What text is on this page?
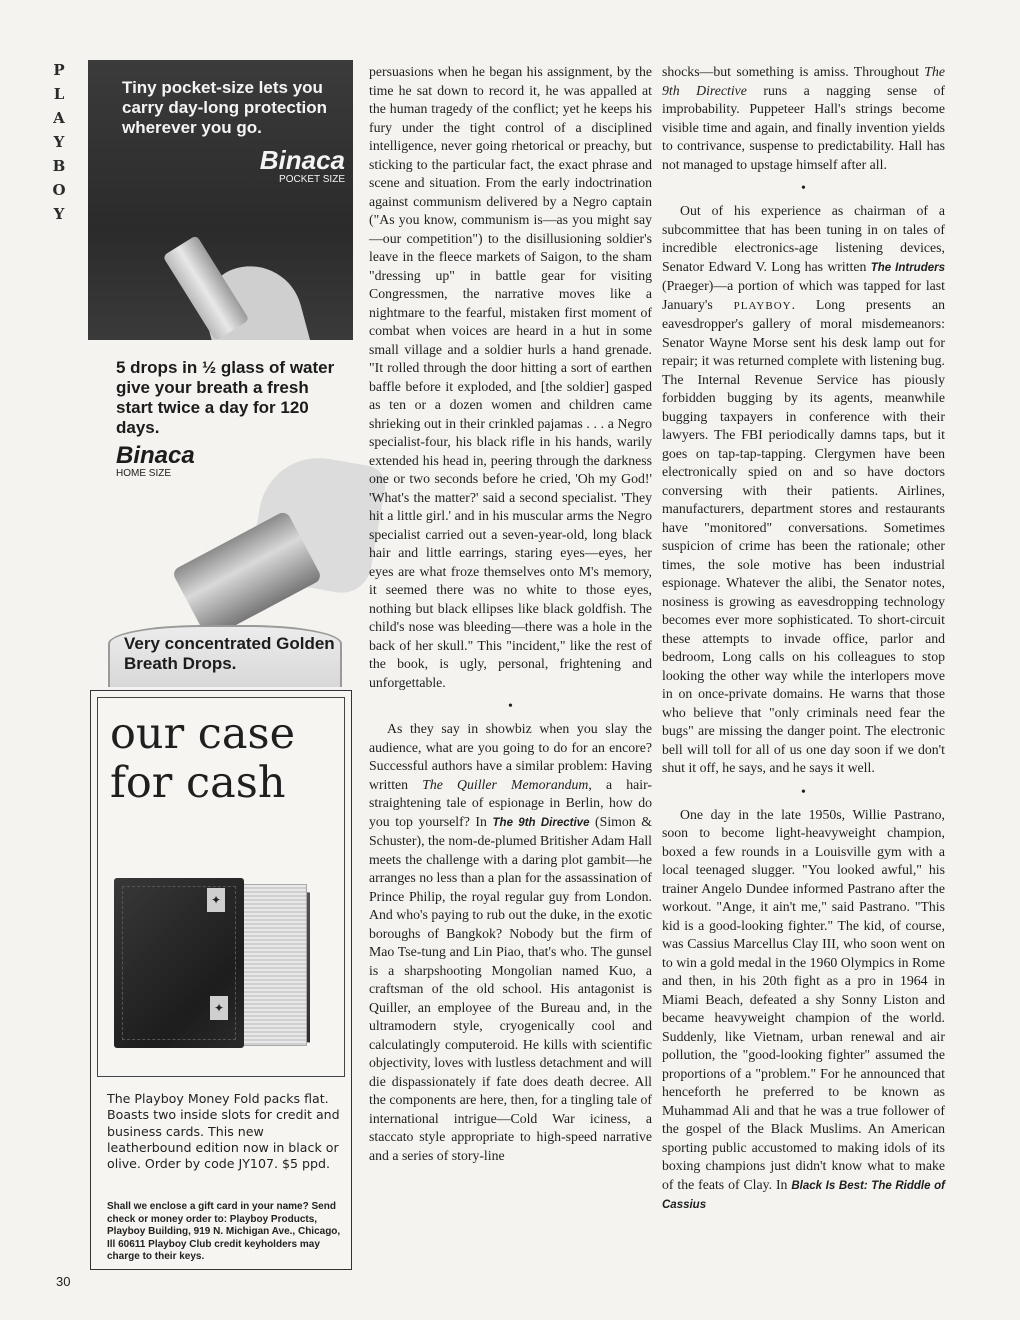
P
L
A
Y
B
O
Y
Tiny pocket-size lets you carry day-long protection wherever you go.
Binaca
POCKET SIZE
5 drops in ½ glass of water give your breath a fresh start twice a day for 120 days.
Binaca
HOME SIZE
Very concentrated Golden Breath Drops.
our case for cash
✦
✦
The Playboy Money Fold packs flat. Boasts two inside slots for credit and business cards. This new leatherbound edition now in black or olive. Order by code JY107. $5 ppd.
Shall we enclose a gift card in your name? Send check or money order to: Playboy Products, Playboy Building, 919 N. Michigan Ave., Chicago, Ill 60611 Playboy Club credit keyholders may charge to their keys.

persuasions when he began his assignment, by the time he sat down to record it, he was appalled at the human tragedy of the conflict; yet he keeps his fury under the tight control of a disciplined intelligence, never going rhetorical or preachy, but sticking to the particular fact, the exact phrase and scene and situation. From the early indoctrination against communism delivered by a Negro captain ("As you know, communism is—as you might say—our competition") to the disillusioning soldier's leave in the fleece markets of Saigon, to the sham "dressing up" in battle gear for visiting Congressmen, the narrative moves like a nightmare to the fearful, mistaken first moment of combat when voices are heard in a hut in some small village and a soldier hurls a hand grenade. "It rolled through the door hitting a sort of earthen baffle before it exploded, and [the soldier] gasped as ten or a dozen women and children came shrieking out in their crinkled pajamas . . . a Negro specialist-four, his black rifle in his hands, warily extended his head in, peering through the darkness one or two seconds before he cried, 'Oh my God!' 'What's the matter?' said a second specialist. 'They hit a little girl.' and in his muscular arms the Negro specialist carried out a seven-year-old, long black hair and little earrings, staring eyes—eyes, her eyes are what froze themselves onto M's memory, it seemed there was no white to those eyes, nothing but black ellipses like black goldfish. The child's nose was bleeding—there was a hole in the back of her skull." This "incident," like the rest of the book, is ugly, personal, frightening and unforgettable.

•

As they say in showbiz when you slay the audience, what are you going to do for an encore? Successful authors have a similar problem: Having written The Quiller Memorandum, a hair-straightening tale of espionage in Berlin, how do you top yourself? In The 9th Directive (Simon & Schuster), the nom-de-plumed Britisher Adam Hall meets the challenge with a daring plot gambit—he arranges no less than a plan for the assassination of Prince Philip, the royal regular guy from London. And who's paying to rub out the duke, in the exotic boroughs of Bangkok? Nobody but the firm of Mao Tse-tung and Lin Piao, that's who. The gunsel is a sharpshooting Mongolian named Kuo, a craftsman of the old school. His antagonist is Quiller, an employee of the Bureau and, in the ultramodern style, cryogenically cool and calculatingly computeroid. He kills with scientific objectivity, loves with lustless detachment and will die dispassionately if fate does death decree. All the components are here, then, for a tingling tale of international intrigue—Cold War iciness, a staccato style appropriate to high-speed narrative and a series of story-line

shocks—but something is amiss. Throughout The 9th Directive runs a nagging sense of improbability. Puppeteer Hall's strings become visible time and again, and finally invention yields to contrivance, suspense to predictability. Hall has not managed to upstage himself after all.

•

Out of his experience as chairman of a subcommittee that has been tuning in on tales of incredible electronics-age listening devices, Senator Edward V. Long has written The Intruders (Praeger)—a portion of which was tapped for last January's PLAYBOY. Long presents an eavesdropper's gallery of moral misdemeanors: Senator Wayne Morse sent his desk lamp out for repair; it was returned complete with listening bug. The Internal Revenue Service has piously forbidden bugging by its agents, meanwhile bugging taxpayers in conference with their lawyers. The FBI periodically damns taps, but it goes on tap-tap-tapping. Clergymen have been electronically spied on and so have doctors conversing with their patients. Airlines, manufacturers, department stores and restaurants have "monitored" conversations. Sometimes suspicion of crime has been the rationale; other times, the sole motive has been industrial espionage. Whatever the alibi, the Senator notes, nosiness is growing as eavesdropping technology becomes ever more sophisticated. To short-circuit these attempts to invade office, parlor and bedroom, Long calls on his colleagues to stop looking the other way while the interlopers move in on once-private domains. He warns that those who believe that "only criminals need fear the bugs" are missing the danger point. The electronic bell will toll for all of us one day soon if we don't shut it off, he says, and he says it well.

•

One day in the late 1950s, Willie Pastrano, soon to become light-heavyweight champion, boxed a few rounds in a Louisville gym with a local teenaged slugger. "You looked awful," his trainer Angelo Dundee informed Pastrano after the workout. "Ange, it ain't me," said Pastrano. "This kid is a good-looking fighter." The kid, of course, was Cassius Marcellus Clay III, who soon went on to win a gold medal in the 1960 Olympics in Rome and then, in his 20th fight as a pro in 1964 in Miami Beach, defeated a shy Sonny Liston and became heavyweight champion of the world. Suddenly, like Vietnam, urban renewal and air pollution, the "good-looking fighter" assumed the proportions of a "problem." For he announced that henceforth he preferred to be known as Muhammad Ali and that he was a true follower of the gospel of the Black Muslims. An American sporting public accustomed to making idols of its boxing champions just didn't know what to make of the feats of Clay. In Black Is Best: The Riddle of Cassius

30
